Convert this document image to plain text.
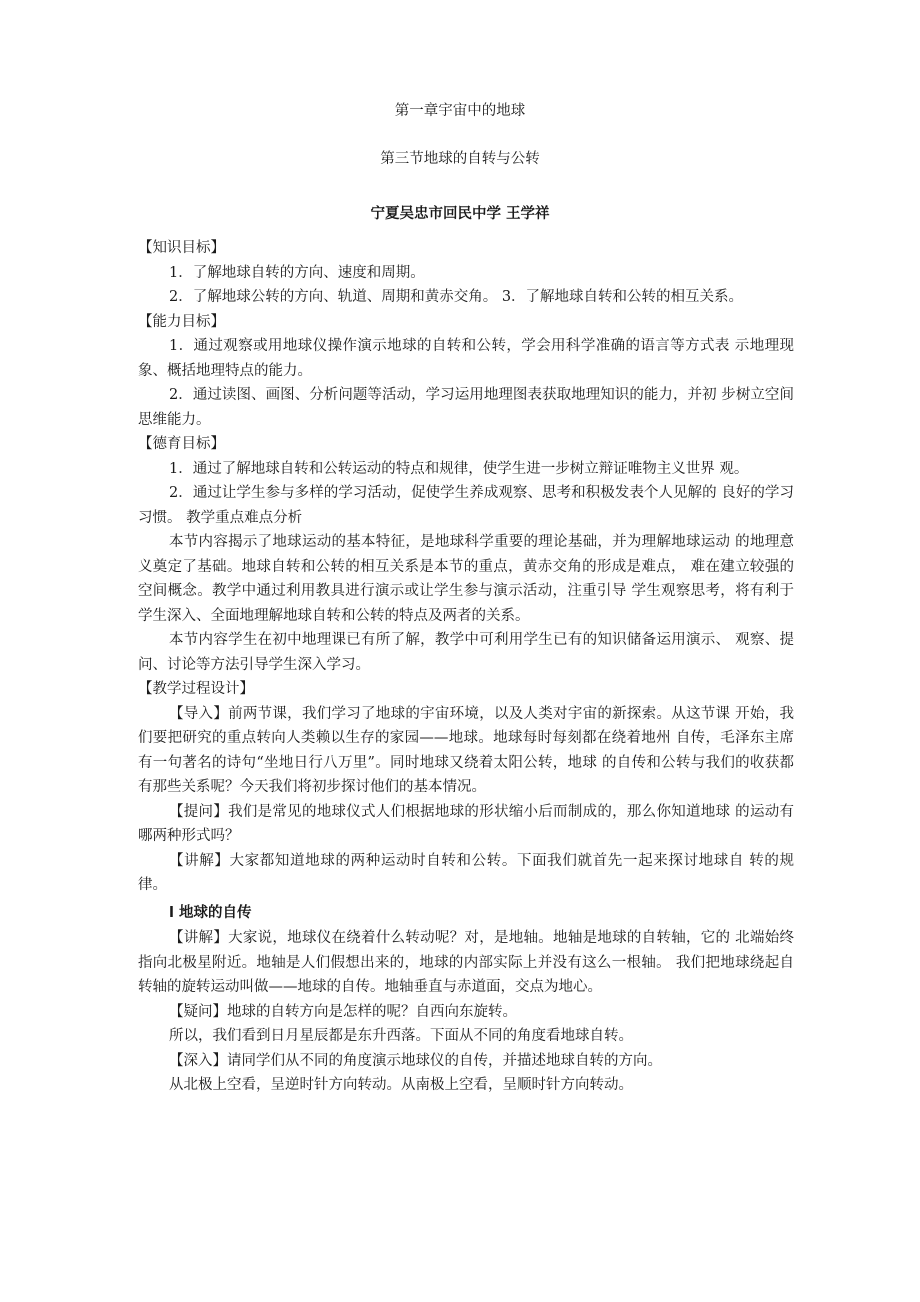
第一章宇宙中的地球
第三节地球的自转与公转
宁夏吴忠市回民中学 王学祥

【知识目标】

1．了解地球自转的方向、速度和周期。

2．了解地球公转的方向、轨道、周期和黄赤交角。 3．了解地球自转和公转的相互关系。

【能力目标】

1．通过观察或用地球仪操作演示地球的自转和公转，学会用科学准确的语言等方式表 示地理现象、概括地理特点的能力。

2．通过读图、画图、分析问题等活动，学习运用地理图表获取地理知识的能力，并初 步树立空间思维能力。

【德育目标】

1．通过了解地球自转和公转运动的特点和规律，使学生进一步树立辩证唯物主义世界 观。

2．通过让学生参与多样的学习活动，促使学生养成观察、思考和积极发表个人见解的 良好的学习习惯。 教学重点难点分析

本节内容揭示了地球运动的基本特征，是地球科学重要的理论基础，并为理解地球运动 的地理意义奠定了基础。地球自转和公转的相互关系是本节的重点，黄赤交角的形成是难点， 难在建立较强的空间概念。教学中通过利用教具进行演示或让学生参与演示活动，注重引导 学生观察思考，将有利于学生深入、全面地理解地球自转和公转的特点及两者的关系。

本节内容学生在初中地理课已有所了解，教学中可利用学生已有的知识储备运用演示、 观察、提问、讨论等方法引导学生深入学习。

【教学过程设计】

【导入】前两节课，我们学习了地球的宇宙环境，以及人类对宇宙的新探索。从这节课 开始，我们要把研究的重点转向人类赖以生存的家园——地球。地球每时每刻都在绕着地州 自传，毛泽东主席有一句著名的诗句“坐地日行八万里”。同时地球又绕着太阳公转，地球 的自传和公转与我们的收获都有那些关系呢？今天我们将初步探讨他们的基本情况。

【提问】我们是常见的地球仪式人们根据地球的形状缩小后而制成的，那么你知道地球 的运动有哪两种形式吗？

【讲解】大家都知道地球的两种运动时自转和公转。下面我们就首先一起来探讨地球自 转的规律。

l 地球的自传

【讲解】大家说，地球仪在绕着什么转动呢？对，是地轴。地轴是地球的自转轴，它的 北端始终指向北极星附近。地轴是人们假想出来的，地球的内部实际上并没有这么一根轴。 我们把地球绕起自转轴的旋转运动叫做——地球的自传。地轴垂直与赤道面，交点为地心。

【疑问】地球的自转方向是怎样的呢？自西向东旋转。

所以，我们看到日月星辰都是东升西落。下面从不同的角度看地球自转。

【深入】请同学们从不同的角度演示地球仪的自传，并描述地球自转的方向。

从北极上空看，呈逆时针方向转动。从南极上空看，呈顺时针方向转动。
